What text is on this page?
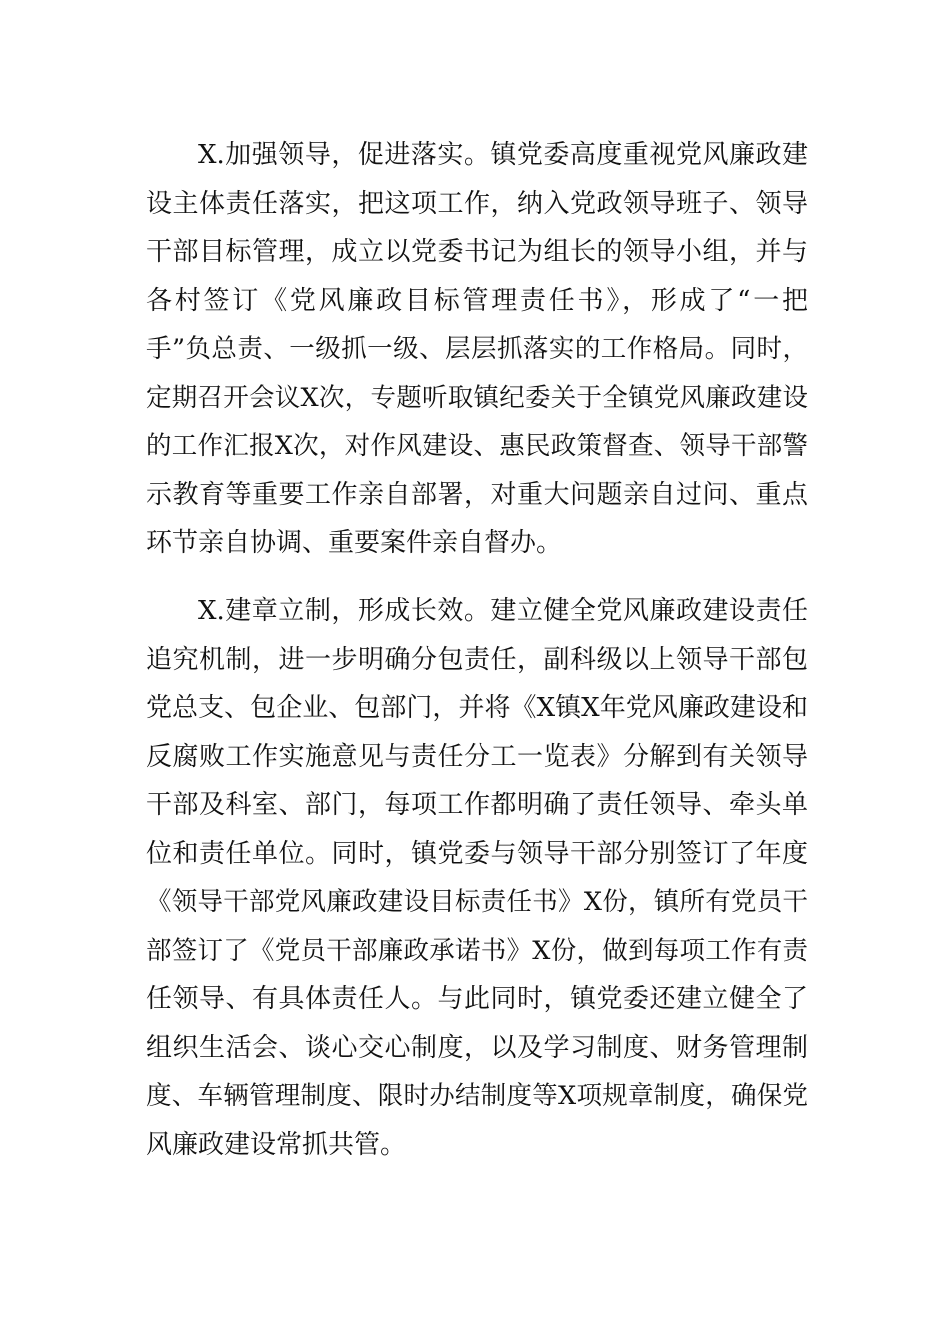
X.加强领导，促进落实。镇党委高度重视党风廉政建
设主体责任落实，把这项工作，纳入党政领导班子、领导
干部目标管理，成立以党委书记为组长的领导小组，并与
各村签订《党风廉政目标管理责任书》，形成了“一把
手”负总责、一级抓一级、层层抓落实的工作格局。同时，
定期召开会议X次，专题听取镇纪委关于全镇党风廉政建设
的工作汇报X次，对作风建设、惠民政策督查、领导干部警
示教育等重要工作亲自部署，对重大问题亲自过问、重点
环节亲自协调、重要案件亲自督办。
X.建章立制，形成长效。建立健全党风廉政建设责任
追究机制，进一步明确分包责任，副科级以上领导干部包
党总支、包企业、包部门，并将《X镇X年党风廉政建设和
反腐败工作实施意见与责任分工一览表》分解到有关领导
干部及科室、部门，每项工作都明确了责任领导、牵头单
位和责任单位。同时，镇党委与领导干部分别签订了年度
《领导干部党风廉政建设目标责任书》X份，镇所有党员干
部签订了《党员干部廉政承诺书》X份，做到每项工作有责
任领导、有具体责任人。与此同时，镇党委还建立健全了
组织生活会、谈心交心制度，以及学习制度、财务管理制
度、车辆管理制度、限时办结制度等X项规章制度，确保党
风廉政建设常抓共管。
